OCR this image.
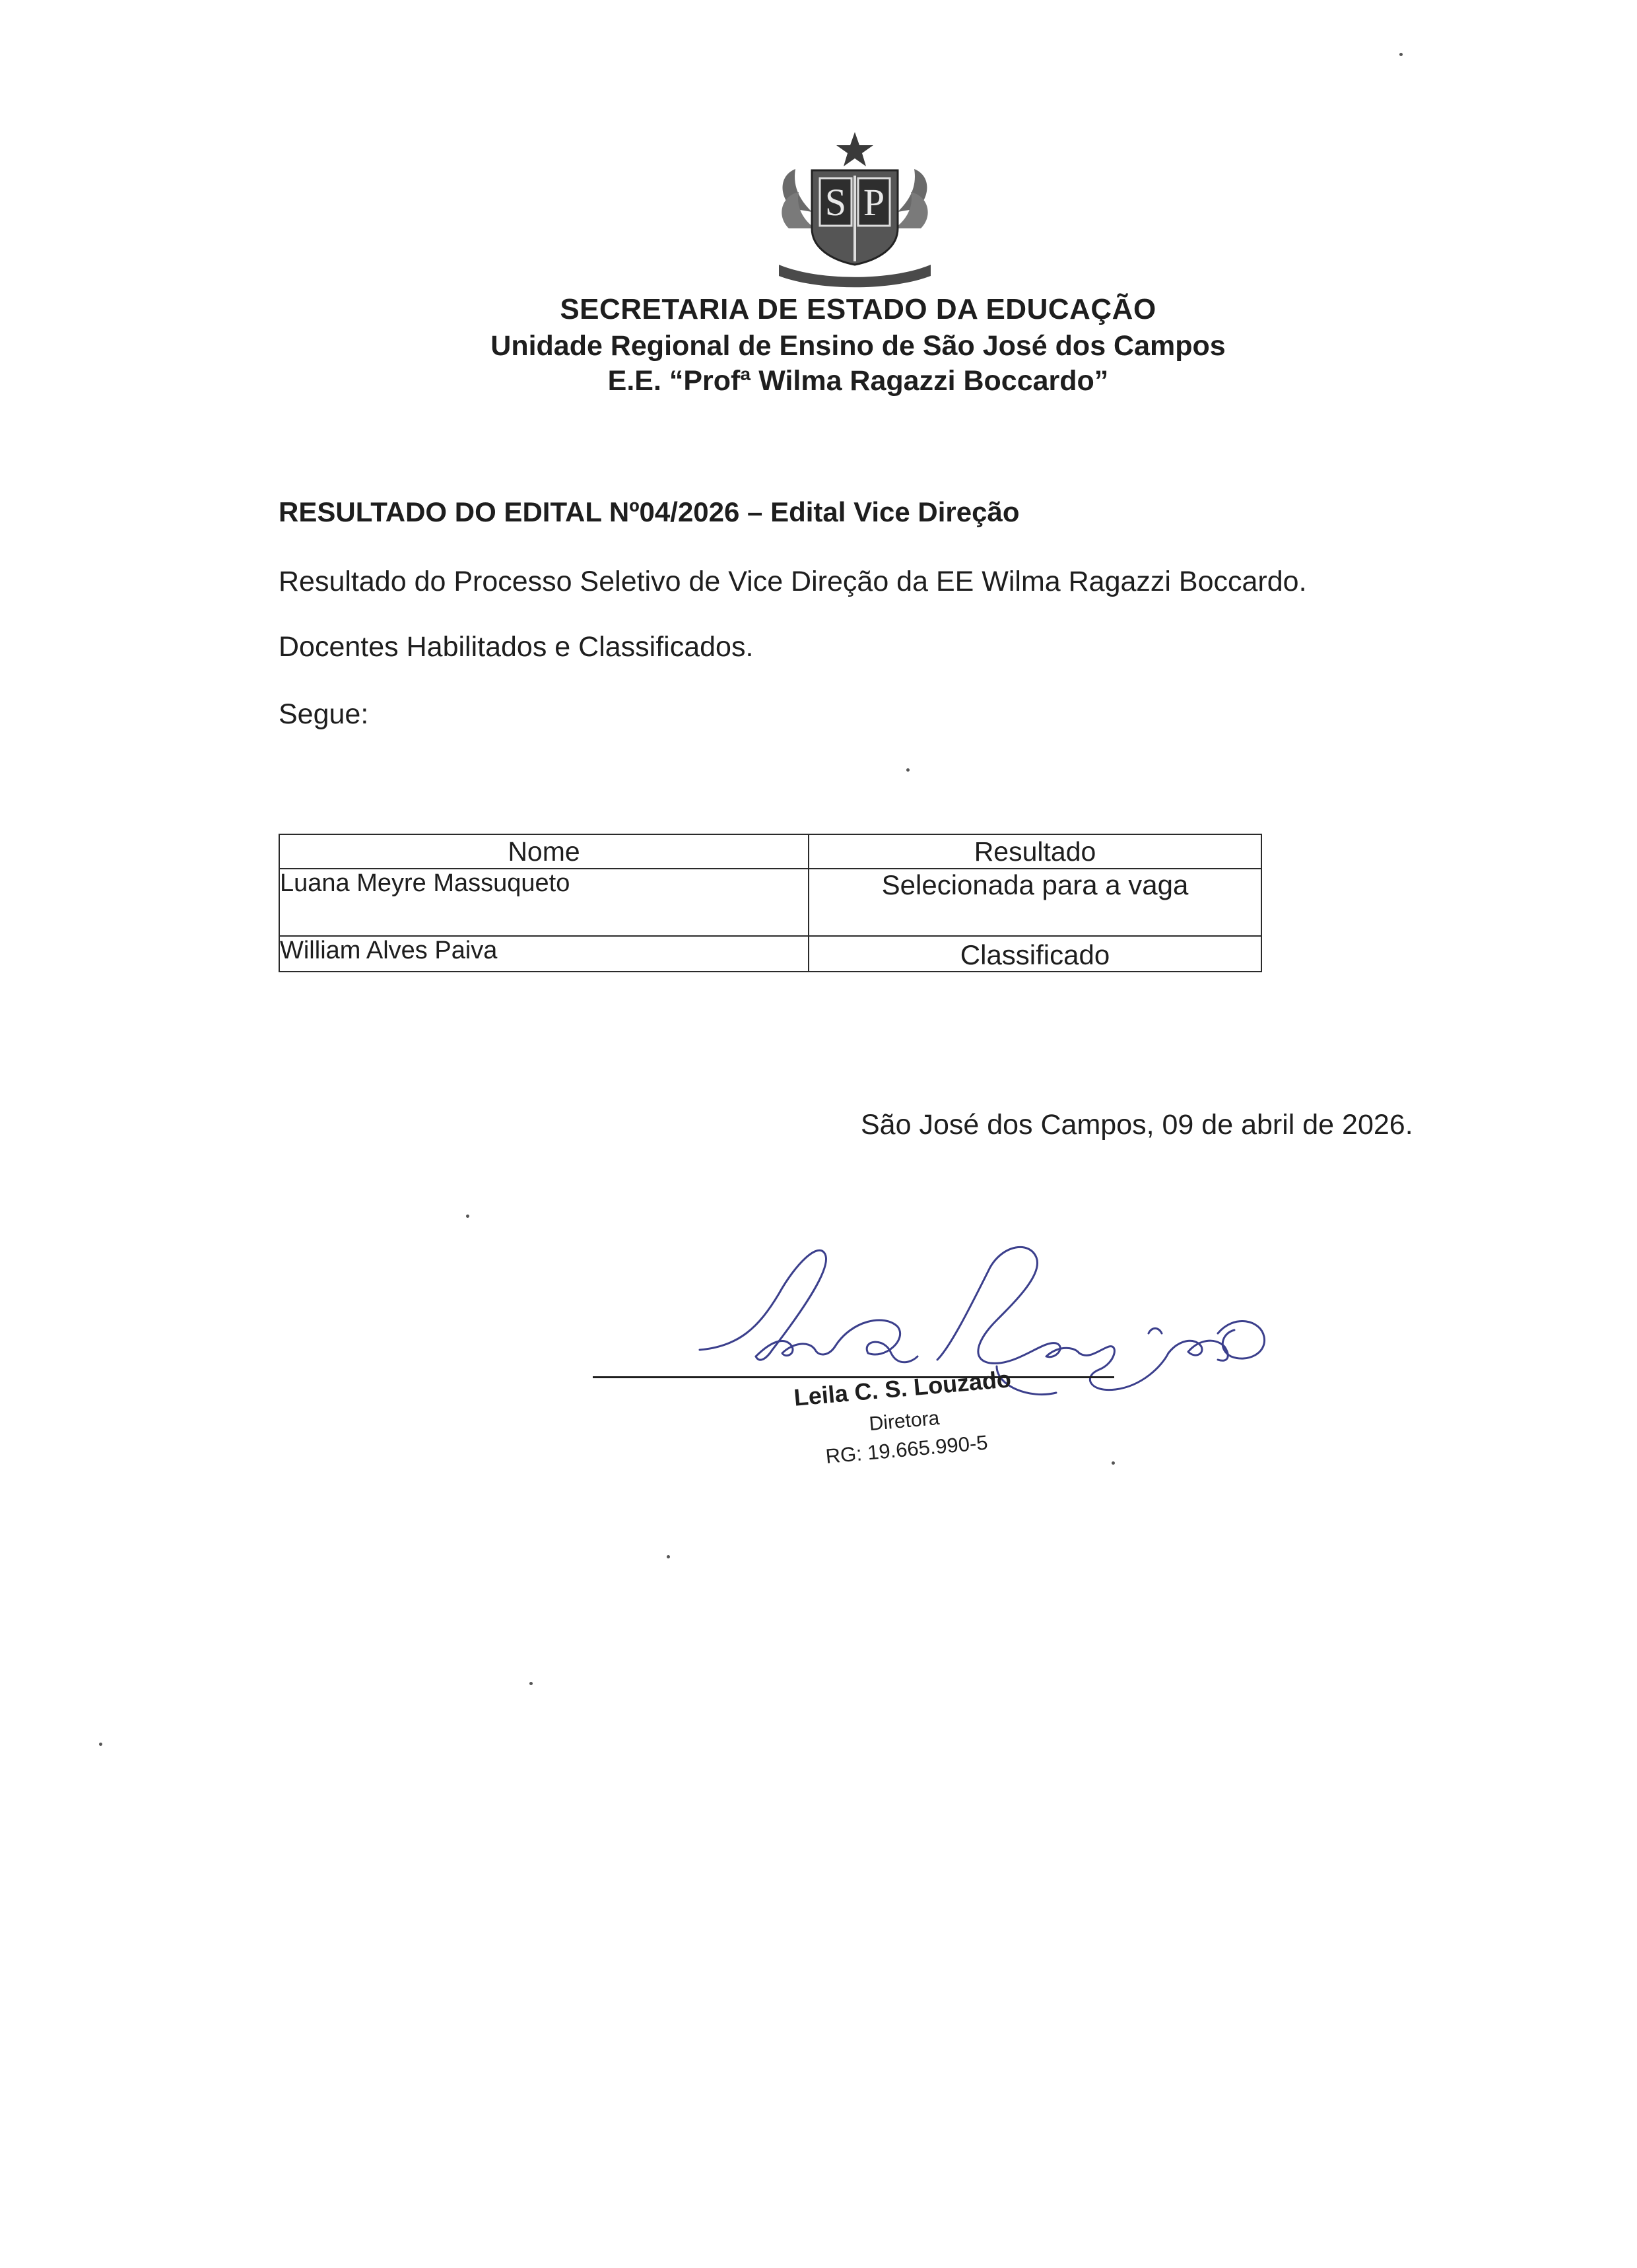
S P
SECRETARIA DE ESTADO DA EDUCAÇÃO
Unidade Regional de Ensino de São José dos Campos
E.E. “Profª Wilma Ragazzi Boccardo”
RESULTADO DO EDITAL Nº04/2026 – Edital Vice Direção
Resultado do Processo Seletivo de Vice Direção da EE Wilma Ragazzi Boccardo.
Docentes Habilitados e Classificados.
Segue:
Nome	Resultado
Luana Meyre Massuqueto	Selecionada para a vaga
William Alves Paiva	Classificado
São José dos Campos, 09 de abril de 2026.
Leila C. S. Louzado
Diretora
RG: 19.665.990-5
